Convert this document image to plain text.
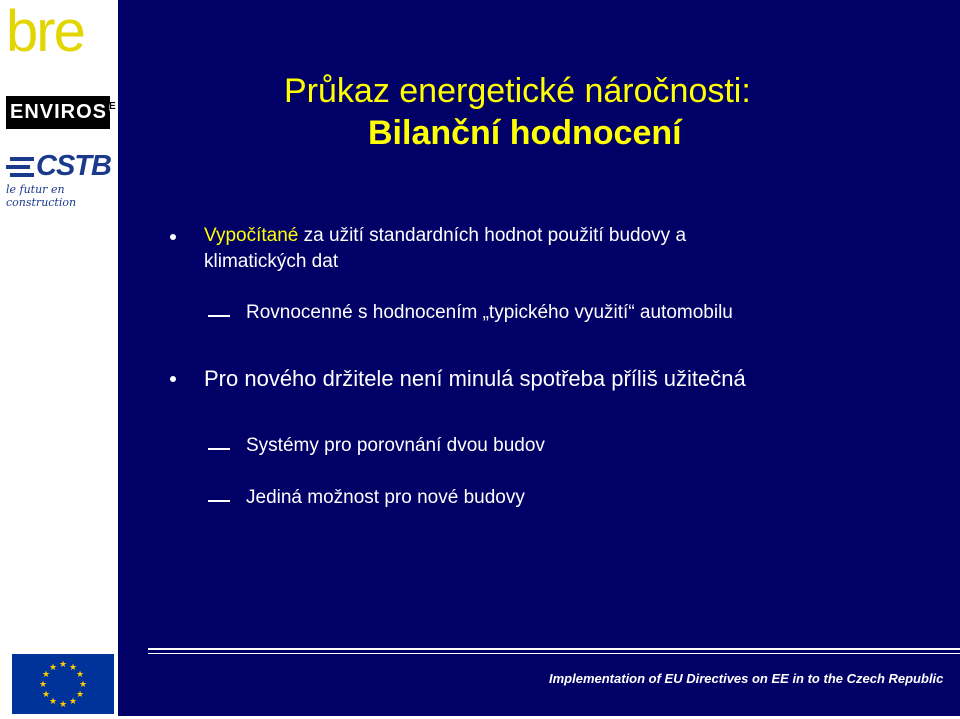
bre
ENVIROS E
CSTB
le futur en construction
★ ★
★
★
★
★
★
★
★
★
★
★
Průkaz energetické náročnosti:
Bilanční hodnocení
Vypočítané za užití standardních hodnot použití budovy a
klimatických dat
Rovnocenné s hodnocením „typického využití“ automobilu
Pro nového držitele není minulá spotřeba příliš užitečná
Systémy pro porovnání dvou budov
Jediná možnost pro nové budovy
Implementation of EU Directives on EE in to the Czech Republic
